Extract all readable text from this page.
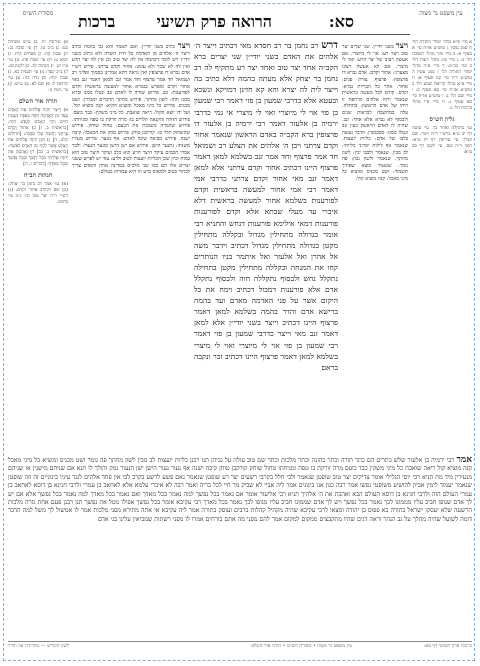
עין משפט נר מצוה
סא:
הרואה פרק תשיעי
ברכות
מסורת הש״ס
א מיי׳ פ״א מהל׳ יסודי התורה הל׳ ח סמג עשין ג טוש״ע או״ח סי׳ א סעיף א: ב מיי׳ פ״ד מהל׳ תשובה הל׳ ב: ג מיי׳ פ״ג מהל׳ דעות הל׳ ב ועי׳ בכ״מ: ד מיי׳ פ״ה מהל׳ יסודי התורה הל׳ ז סמג עשין ה טוש״ע יו״ד סי׳ קנז סעיף א: ה מיי׳ פ״א מהל׳ קריאת שמע הל׳ ב טוש״ע או״ח סי׳ סא סעיף ב: ו מיי׳ שם הל׳ ג: ז טוש״ע או״ח סי׳ סא סעיף ג: ח מיי׳ פ״י מהל׳ ברכות הל׳ ג:
גליון הש״ס
גמ׳ בתחלה ואחר כך. עי׳ סוטה דף יב ע״א ברש״י ד״ה ויצר: שם ושלך. עי׳ עירובין דף יח ע״א: תוס׳ ד״ה שם. עי׳ לקמן דף סב ע״א:
ויצר בשני יודי״ן. שני יצרים יצר טוב ויצר רע: אוי לי מיוצרי. אם אעשה רצונו של יצר הרע: ואוי לי מיצרי. אם לא אעשה רצונו מצערני: אחור וקדם. אדם נברא דו פרצופין: פרצוף. צורת פנים: אחור. אחר כל הבריות נברא: וקדם. קודם לכל מעשה בראשית שנאמר ורוח אלהים מרחפת זו רוחו של אדם הראשון: בתחלה. עלה במחשבה לבראות שנים ולבסוף לא נברא אלא אחד: זנב. שהיה לו לאדם הראשון כעין זנב ונטלו ממנו: מסכסכין. הדבר נעשה בלבו של אדם: כליות יועצות. שנאמר אף לילות יסרוני כליותי: לב מבין. שנאמר ולבבו יבין: לשון מחתך. שנאמר ולשון נכון: פה גומר. שנאמר מוצא שפתיך תשמור: ושט מכניס ומוציא כל מיני מאכל: קנה מוציא קול:
דרש רב נחמן בר רב חסדא מאי דכתיב וייצר ה׳ אלהים את האדם בשני יודי״ן שני יצרים ברא הקב״ה אחד יצר טוב ואחד יצר רע מתקיף לה רב נחמן בר יצחק אלא מעתה בהמה דלא כתיב בה וייצר לית לה יצרא והא קא חזינן דמזיקא ונשכא ובעטא אלא כדרבי שמעון בן פזי דאמר רבי שמעון בן פזי אוי לי מיוצרי ואוי לי מיצרי אי נמי כדרבי ירמיה בן אלעזר דאמר רבי ירמיה בן אלעזר דו פרצופין ברא הקב״ה באדם הראשון שנאמר אחור וקדם צרתני ויבן ה׳ אלהים את הצלע רב ושמואל חד אמר פרצוף וחד אמר זנב בשלמא למאן דאמר פרצוף היינו דכתיב אחור וקדם צרתני אלא למאן דאמר זנב מאי אחור וקדם צרתני כדרבי אמי דאמר רבי אמי אחור למעשה בראשית וקדם לפורענות בשלמא אחור למעשה בראשית דלא איברי עד מעלי שבתא אלא וקדם לפורענות פורענות דמאי אילימא פורענות דנחש והתניא רבי אומר בגדולה מתחילין מגדול ובקללה מתחילין מקטן בגדולה מתחילין מגדול דכתיב וידבר משה אל אהרן ואל אלעזר ואל איתמר בניו הנותרים קחו את המנחה ובקללה מתחילין מקטן בתחילה נתקלל נחש ולבסוף נתקללה חוה ולבסוף נתקלל אדם אלא פורענות דמבול דכתיב וימח את כל היקום אשר על פני האדמה מאדם ועד בהמה ברישא אדם והדר בהמה בשלמא למאן דאמר פרצוף היינו דכתיב וייצר בשני יודי״ן אלא למאן דאמר זנב מאי וייצר כדרבי שמעון בן פזי דאמר רבי שמעון בן פזי אוי לי מיוצרי ואוי לי מיצרי בשלמא למאן דאמר פרצוף היינו דכתיב זכר ונקבה בראם
ויצר כתיב בשני יודי״ן. ואם תאמר והא גבי בהמה כתיב וייצר ה׳ אלהים מן האדמה כל חית השדה ולא כתיב בשני יודי״ן ויש לומר דבהמה אין לה יצר טוב וכן אין לה יצר הרע ואין לה לא שכר ולא עונש: אחור וקדם צרתני. פירש רש״י אדם נברא דו פרצופין ואין נראה דהא אמרינן בסמוך ופליגי רב ושמואל חד אמר פרצוף וחד אמר זנב ולמאן דאמר זנב מאי אחור וקדם ומפרש בגמרא אחור למעשה בראשית וקדם לפורענות: זנב. פירוש שהיה לו לאדם זנב ונטלו ממנו וברא ממנו חוה: לשון מחתך. פירוש מחתך הדברים ומבררן: ושט מכניס. פירוש כל מיני מאכל ומוציא הקיא: קנה מוציא קול. ועל ידו יוצא הקול: ריאה שואבת. כל מיני משקין: כבד כועס. פירוש החרה והקנאה תלויים בו: מרה זורקת בו טפה ומניחתו. פירוש שהמרה משככת את הכעס: טחול שוחק. פירוש שהשחוק תלוי בו: קורקבן טוחן. פירוש טוחן את המאכל: קיבה ישנה. פירוש מביאה שינה לאדם: אף מנער. פירוש מעירו משנתו: נתנער הישן. פירוש אם ישן הישן ומנער הנעור: ולכך אמרו חכמים עיקר היצר הרע הוא בלב ועיקר היצר טוב הוא במוח וכיון שכן הכליות יועצות לטוב ולרע: עוד יש לפרש ששני יצרים אלו הם כמו שני מלכים במדינה אחת והאדם צריך לבחור בטוב ולמאוס ברע וזו היא עבודתו בעולם:
א) עירובין יח. ב) ע״ש ומנחות כט: ג) ב״ב טז. ד) עי׳ סוכה נב: ה) שבת קה: ו) פסחים קיח. ז) יומא ט: ח) עי׳ שבת פח: ט) עי׳ ע״ז יט. י) מנחות לב. כ) לקמן סג: ל) ב״ב קסד: מ) עי׳ תענית כא. נ) שבת קיח: ס) נדה כה: ע) עי׳ קדושין ל: פ) שם לא. צ) ע״ש: ק) עי׳ גיטין נו:
תורה אור השלם
א) וַיִּיצֶר יְהוָה אֱלֹהִים אֶת הָאָדָם עָפָר מִן הָאֲדָמָה וַיִּפַּח בְּאַפָּיו נִשְׁמַת חַיִּים וַיְהִי הָאָדָם לְנֶפֶשׁ חַיָּה: [בראשית ב, ז] ב) אָחוֹר וָקֶדֶם צַרְתָּנִי וַתָּשֶׁת עָלַי כַּפֶּכָה: [תהלים קלט, ה] ג) וַיִּבֶן יְהוָה אֱלֹהִים אֶת הַצֵּלָע אֲשֶׁר לָקַח מִן הָאָדָם לְאִשָּׁה: [בראשית ב, כב] ד) וְאָהַבְתָּ אֵת יְהוָה אֱלֹהֶיךָ בְּכָל לְבָבְךָ וּבְכָל נַפְשְׁךָ וּבְכָל מְאֹדֶךָ: [דברים ו, ה]
הגהות הב״ח
(א) גמ׳ אמר רב נחמן בר יצחק: (ב) שם דכתיב אחור וקדם: (ג) רש״י ד״ה יצר טוב וכו׳ נ״ב עי׳ בתוס׳:
אמר רבי ירמיה בן אלעזר שלש כתרים הם כתר תורה וכתר כהונה וכתר מלכות וכתר שם טוב עולה על גביהן תנו רבנן כליות יועצות לב מבין לשון מחתך פה גומר ושט מכניס ומוציא כל מיני מאכל קנה מוציא קול ריאה שואבת כל מיני משקין כבד כועס מרה זורקת בו טפה ומניחתו טחול שוחק קורקבן טוחן קיבה ישנה אף נעור נעור הישן ישן הנעור נמק והולך לו תנא אם שניהם מישנין או שניהם מנעירין מיד מת תניא רבי יוסי הגלילי אומר צדיקים יצר טוב שופטן שנאמר ולבי חלל בקרבי רשעים יצר רע שופטן שנאמר נאם פשע לרשע בקרב לבי אין פחד אלהים לנגד עיניו בינוניים זה וזה שופטן שנאמר יעמוד לימין אביון להושיע משופטי נפשו אמר רבה כגון אנו בינונים אמר ליה אביי לא שביק מר חיי לכל בריה ואמר רבה לא איברי עלמא אלא לאחאב בן עמרי ולרבי חנינא בן דוסא לאחאב בן עמרי העולם הזה ולרבי חנינא בן דוסא העולם הבא ואהבת את ה׳ אלהיך תניא רבי אליעזר אומר אם נאמר בכל נפשך למה נאמר בכל מאדך ואם נאמר בכל מאדך למה נאמר בכל נפשך אלא אם יש לך אדם שגופו חביב עליו מממונו לכך נאמר בכל נפשך ויש לך אדם שממונו חביב עליו מגופו לכך נאמר בכל מאדך רבי עקיבא אומר בכל נפשך אפילו נוטל את נפשך תנו רבנן פעם אחת גזרה מלכות הרשעה שלא יעסקו ישראל בתורה בא פפוס בן יהודה ומצאו לרבי עקיבא שהיה מקהיל קהלות ברבים ועוסק בתורה אמר ליה עקיבא אי אתה מתירא מפני מלכות אמר לו אמשול לך משל למה הדבר דומה לשועל שהיה מהלך על גב הנהר וראה דגים שהיו מתקבצים ממקום למקום אמר להם מפני מה אתם בורחים אמרו לו מפני רשתות שמביאין עלינו בני אדם
ברכות פרק תשיעי דף סא:
עין משפט נר מצוה • מסורת הש״ס • תורה אור השלם
לשון הקודש — מהדורת עוז והדר
